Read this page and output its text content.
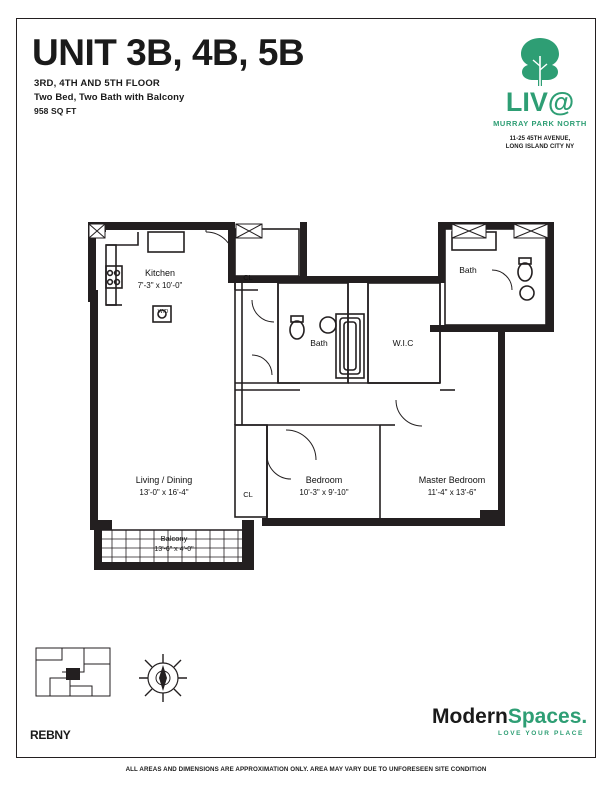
UNIT 3B, 4B, 5B
3RD, 4TH AND 5TH FLOOR
Two Bed, Two Bath with Balcony
958 SQ FT	LIV@
MURRAY PARK NORTH
11-25 45TH AVENUE,
LONG ISLAND CITY NY
Kitchen
7'-3" x 10'-0"
Living / Dining
13'-0" x 16'-4"
Bedroom
10'-3" x 9'-10"
Master Bedroom
11'-4" x 13'-6"
Balcony
13'-6" x 4'-0"
CL
CL
Bath
Bath
W.I.C
W/D
REBNY
ModernSpaces.
LOVE YOUR PLACE
ALL AREAS AND DIMENSIONS ARE APPROXIMATION ONLY. AREA MAY VARY DUE TO UNFORESEEN SITE CONDITION
